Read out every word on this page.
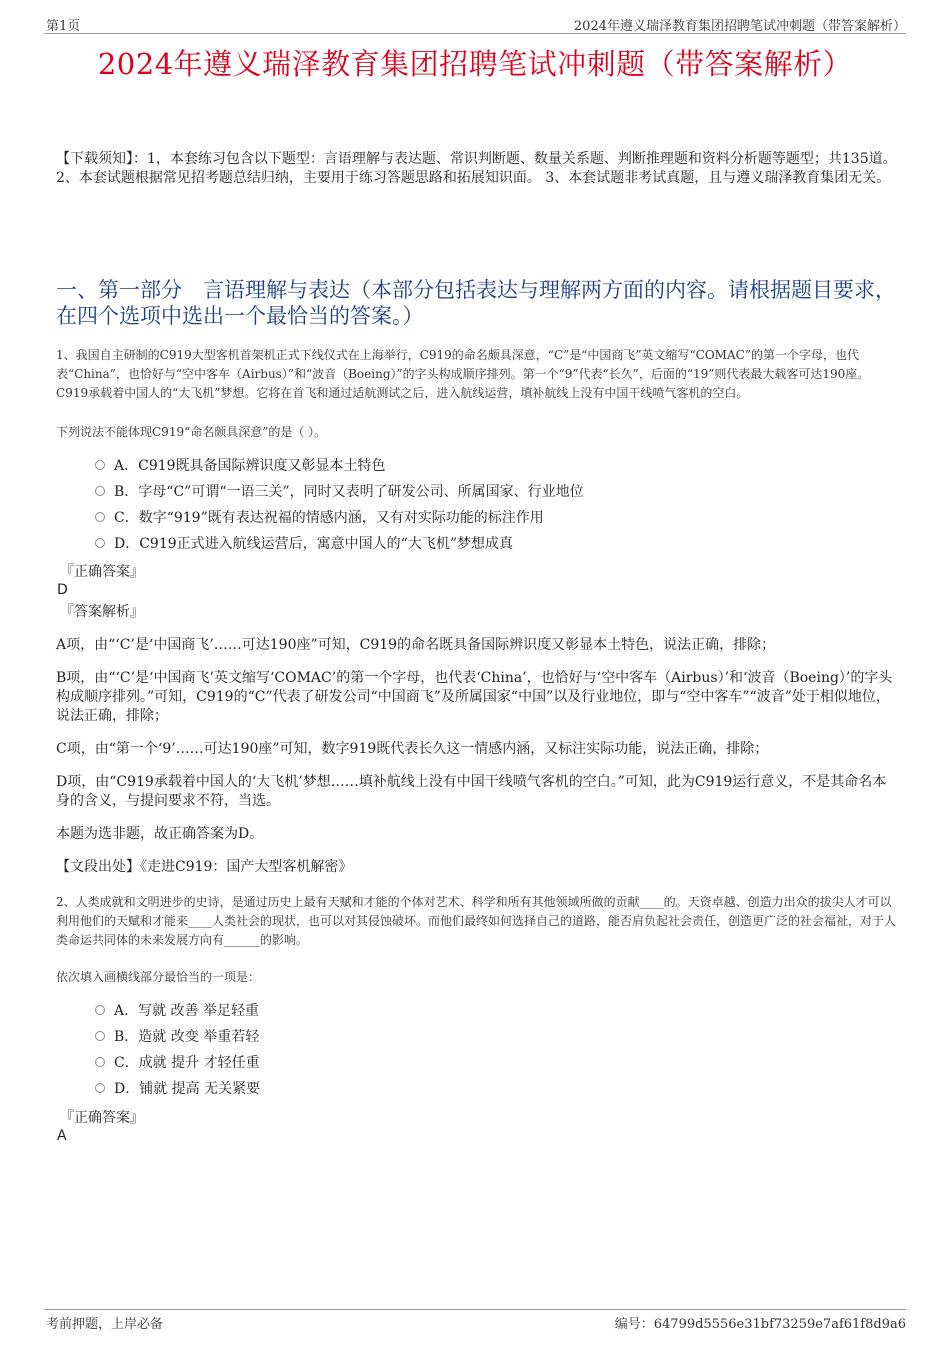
第1页	2024年遵义瑞泽教育集团招聘笔试冲刺题（带答案解析）
2024年遵义瑞泽教育集团招聘笔试冲刺题（带答案解析）
【下载须知】：1，本套练习包含以下题型：言语理解与表达题、常识判断题、数量关系题、判断推理题和资料分析题等题型；共135道。 2、本套试题根据常见招考题总结归纳，主要用于练习答题思路和拓展知识面。 3、本套试题非考试真题，且与遵义瑞泽教育集团无关。
一、第一部分　言语理解与表达（本部分包括表达与理解两方面的内容。请根据题目要求，在四个选项中选出一个最恰当的答案。）
1、我国自主研制的C919大型客机首架机正式下线仪式在上海举行，C919的命名颇具深意，“C”是“中国商飞”英文缩写“COMAC”的第一个字母，也代表“China”，也恰好与“空中客车（Airbus）”和“波音（Boeing）”的字头构成顺序排列。第一个“9”代表“长久”，后面的“19”则代表最大载客可达190座。C919承载着中国人的“大飞机”梦想。它将在首飞和通过适航测试之后，进入航线运营，填补航线上没有中国干线喷气客机的空白。
下列说法不能体现C919“命名颇具深意”的是（ ）。
A．C919既具备国际辨识度又彰显本土特色
B．字母“C”可谓“一语三关”，同时又表明了研发公司、所属国家、行业地位
C．数字“919”既有表达祝福的情感内涵，又有对实际功能的标注作用
D．C919正式进入航线运营后，寓意中国人的“大飞机”梦想成真
『正确答案』
D
『答案解析』
A项，由“‘C’是‘中国商飞’……可达190座”可知，C919的命名既具备国际辨识度又彰显本土特色，说法正确，排除；
B项，由“‘C’是‘中国商飞’英文缩写‘COMAC’的第一个字母，也代表‘China’，也恰好与‘空中客车（Airbus）’和‘波音（Boeing）’的字头构成顺序排列。”可知，C919的“C”代表了研发公司“中国商飞”及所属国家“中国”以及行业地位，即与“空中客车”“波音”处于相似地位，说法正确，排除；
C项，由“第一个‘9’……可达190座”可知，数字919既代表长久这一情感内涵，又标注实际功能，说法正确，排除；
D项，由“C919承载着中国人的‘大飞机’梦想……填补航线上没有中国干线喷气客机的空白。”可知，此为C919运行意义，不是其命名本身的含义，与提问要求不符，当选。
本题为选非题，故正确答案为D。
【文段出处】《走进C919：国产大型客机解密》
2、人类成就和文明进步的史诗，是通过历史上最有天赋和才能的个体对艺术、科学和所有其他领域所做的贡献____的。天资卓越、创造力出众的拔尖人才可以利用他们的天赋和才能来____人类社会的现状，也可以对其侵蚀破坏。而他们最终如何选择自己的道路，能否肩负起社会责任，创造更广泛的社会福祉，对于人类命运共同体的未来发展方向有______的影响。
依次填入画横线部分最恰当的一项是：
A．写就 改善 举足轻重
B．造就 改变 举重若轻
C．成就 提升 才轻任重
D．铺就 提高 无关紧要
『正确答案』
A
考前押题，上岸必备	编号：64799d5556e31bf73259e7af61f8d9a6
